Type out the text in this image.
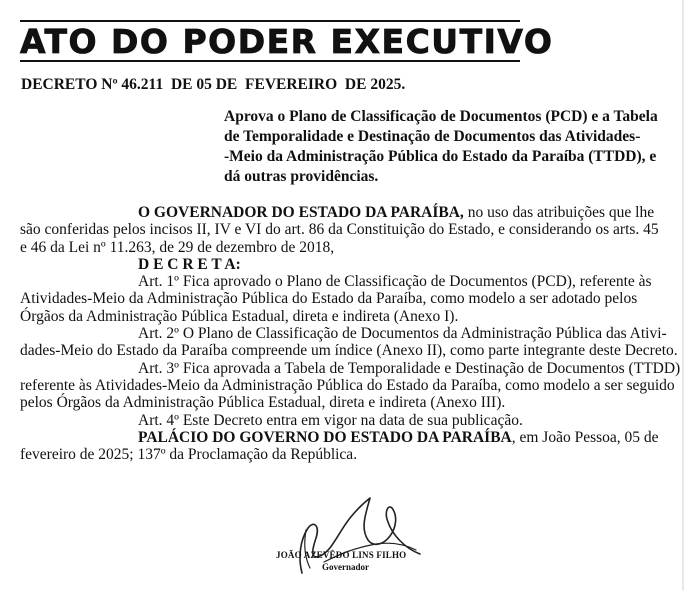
ATO DO PODER EXECUTIVO
DECRETO Nº 46.211  DE 05 DE  FEVEREIRO  DE 2025.
Aprova o Plano de Classificação de Documentos (PCD) e a Tabela
de Temporalidade e Destinação de Documentos das Atividades-
-Meio da Administração Pública do Estado da Paraíba (TTDD), e
dá outras providências.
O GOVERNADOR DO ESTADO DA PARAÍBA, no uso das atribuições que lhe
são conferidas pelos incisos II, IV e VI do art. 86 da Constituição do Estado, e considerando os arts. 45
e 46 da Lei nº 11.263, de 29 de dezembro de 2018,
D E C R E T A:
Art. 1º Fica aprovado o Plano de Classificação de Documentos (PCD), referente às
Atividades-Meio da Administração Pública do Estado da Paraíba, como modelo a ser adotado pelos
Órgãos da Administração Pública Estadual, direta e indireta (Anexo I).
Art. 2º O Plano de Classificação de Documentos da Administração Pública das Ativi-
dades-Meio do Estado da Paraíba compreende um índice (Anexo II), como parte integrante deste Decreto.
Art. 3º Fica aprovada a Tabela de Temporalidade e Destinação de Documentos (TTDD)
referente às Atividades-Meio da Administração Pública do Estado da Paraíba, como modelo a ser seguido
pelos Órgãos da Administração Pública Estadual, direta e indireta (Anexo III).
Art. 4º Este Decreto entra em vigor na data de sua publicação.
PALÁCIO DO GOVERNO DO ESTADO DA PARAÍBA, em João Pessoa, 05 de
fevereiro de 2025; 137º da Proclamação da República.
JOÃO AZEVÊDO LINS FILHO
Governador
